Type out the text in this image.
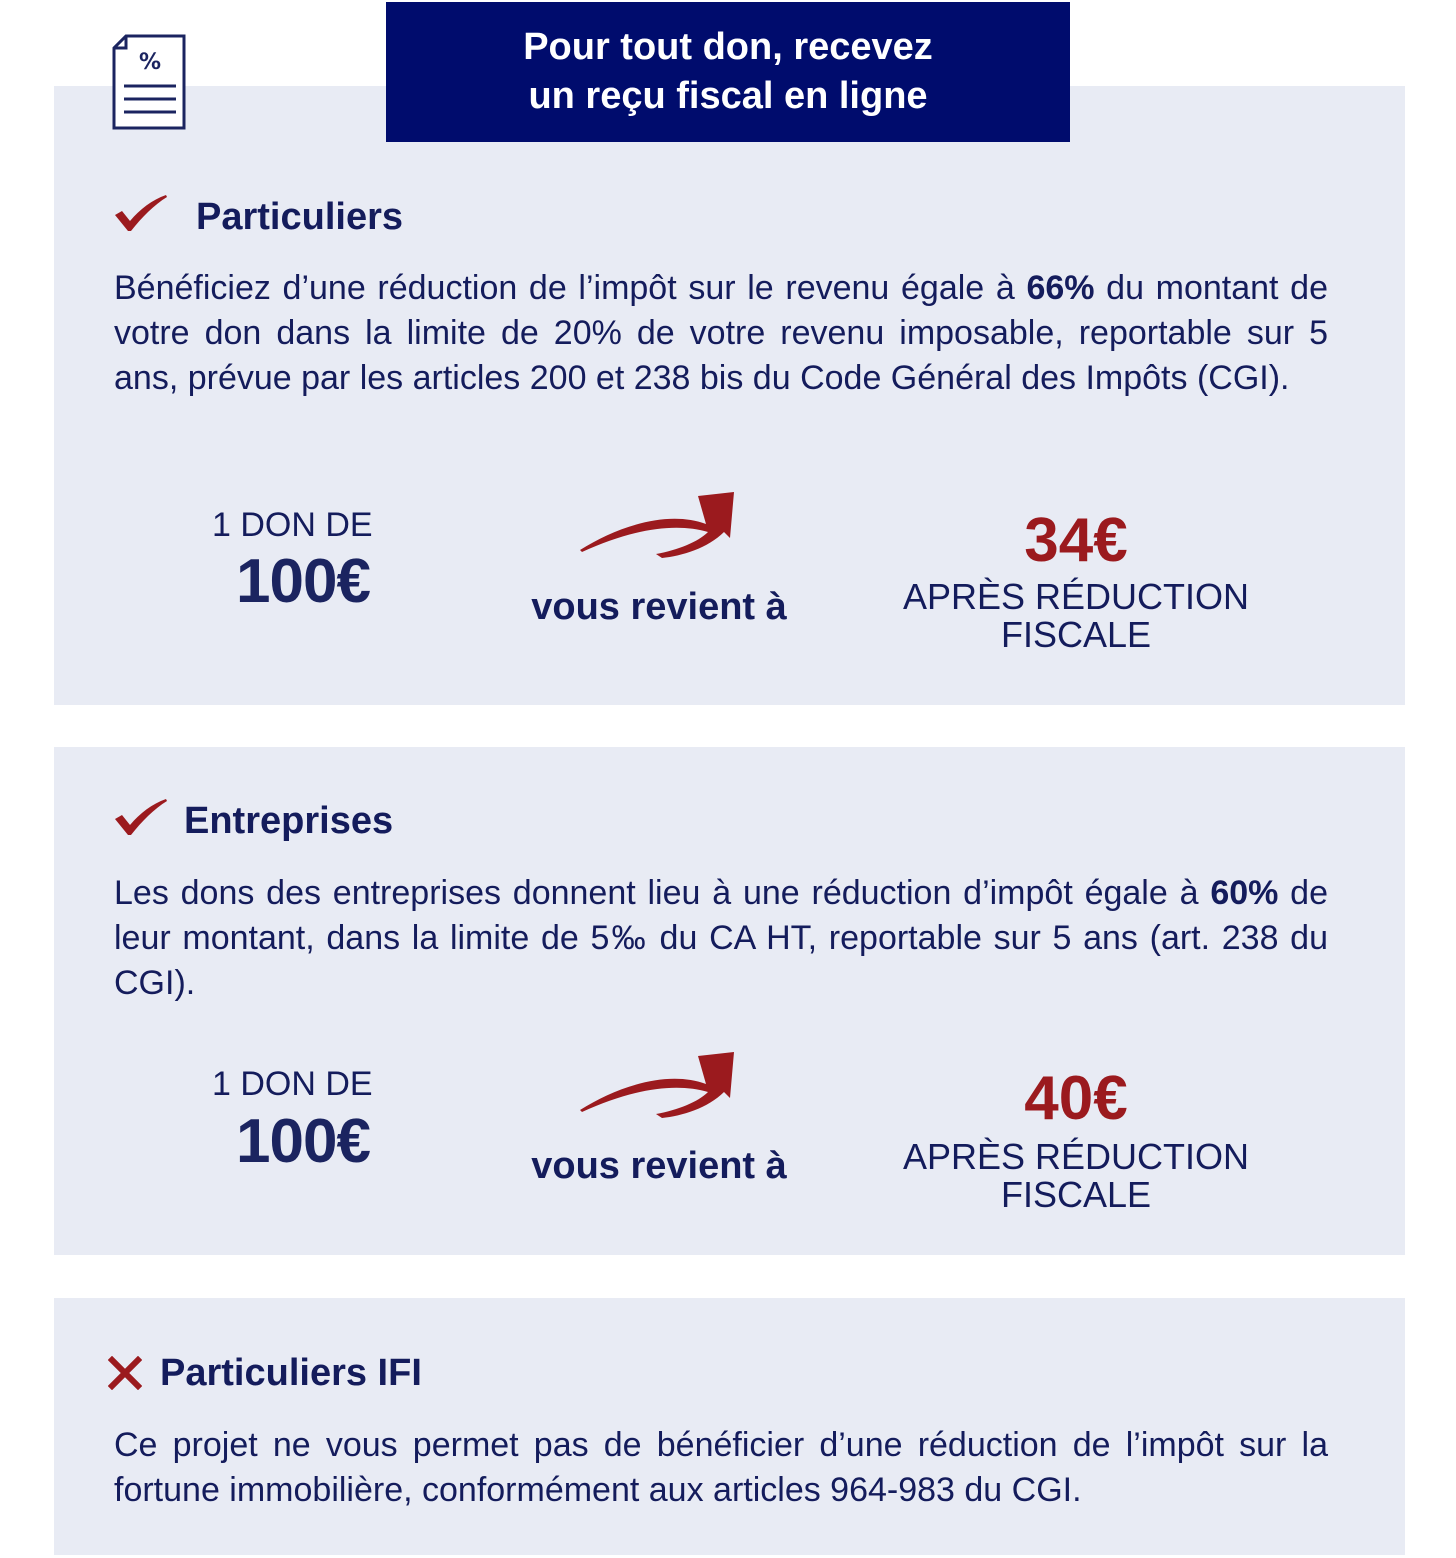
%	Pour tout don, recevez
un reçu fiscal en ligne
Particuliers

Bénéficiez d’une réduction de l’impôt sur le revenu égale à 66% du montant de votre don dans la limite de 20% de votre revenu imposable, reportable sur 5 ans, prévue par les articles 200 et 238 bis du Code Général des Impôts (CGI).

1 DON DE
100€	vous revient à
34€
APRÈS RÉDUCTION
FISCALE
Entreprises

Les dons des entreprises donnent lieu à une réduction d’impôt égale à 60% de leur montant, dans la limite de 5‰ du CA HT, reportable sur 5 ans (art. 238 du CGI).

1 DON DE
100€	vous revient à
40€
APRÈS RÉDUCTION
FISCALE
Particuliers IFI

Ce projet ne vous permet pas de bénéficier d’une réduction de l’impôt sur la fortune immobilière, conformément aux articles 964-983 du CGI.
